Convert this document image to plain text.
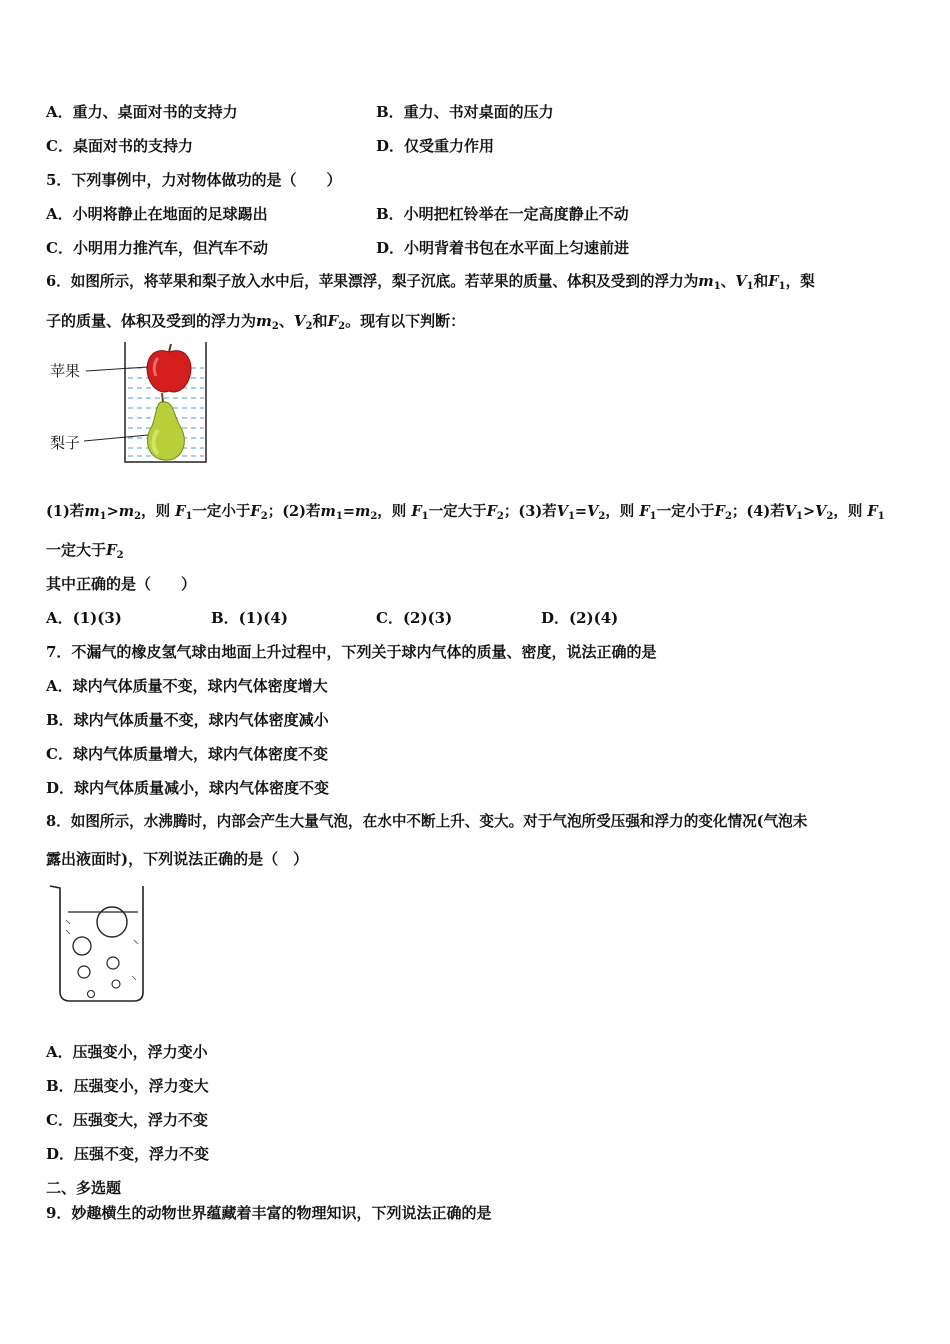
A．重力、桌面对书的支持力	B．重力、书对桌面的压力
C．桌面对书的支持力	D．仅受重力作用
5．下列事例中，力对物体做功的是（　　）
A．小明将静止在地面的足球踢出	B．小明把杠铃举在一定高度静止不动
C．小明用力推汽车，但汽车不动	D．小明背着书包在水平面上匀速前进
6．如图所示，将苹果和梨子放入水中后，苹果漂浮，梨子沉底。若苹果的质量、体积及受到的浮力为$m_1$、$V_1$和$F_1$，梨
子的质量、体积及受到的浮力为$m_2$、$V_2$和$F_2$。现有以下判断：
苹果
梨子
(1)若$m_1>m_2$，则 $F_1$一定小于$F_2$；(2)若$m_1=m_2$，则 $F_1$一定大于$F_2$；(3)若$V_1=V_2$，则 $F_1$一定小于$F_2$；(4)若$V_1>V_2$，则 $F_1$
一定大于$F_2$
其中正确的是（　　）
A．(1)(3)	B．(1)(4)	C．(2)(3)	D．(2)(4)
7．不漏气的橡皮氢气球由地面上升过程中，下列关于球内气体的质量、密度，说法正确的是
A．球内气体质量不变，球内气体密度增大
B．球内气体质量不变，球内气体密度减小
C．球内气体质量增大，球内气体密度不变
D．球内气体质量减小，球内气体密度不变
8．如图所示，水沸腾时，内部会产生大量气泡，在水中不断上升、变大。对于气泡所受压强和浮力的变化情况(气泡未
露出液面时)，下列说法正确的是（　）
A．压强变小，浮力变小
B．压强变小，浮力变大
C．压强变大，浮力不变
D．压强不变，浮力不变
二、多选题
9．妙趣横生的动物世界蕴藏着丰富的物理知识，下列说法正确的是
